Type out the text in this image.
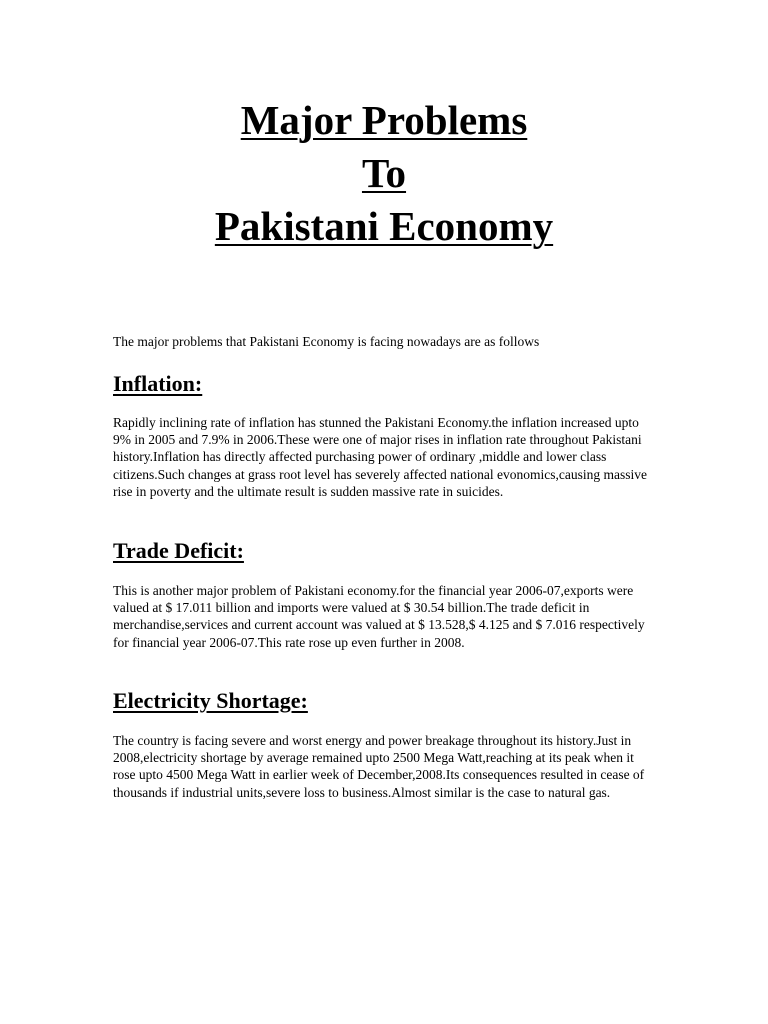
Major Problems
To
Pakistani Economy

The major problems that Pakistani Economy is facing nowadays are as follows

Inflation:

Rapidly inclining rate of inflation has stunned the Pakistani Economy.the inflation increased upto 9% in 2005 and 7.9% in 2006.These were one of major rises in inflation rate throughout Pakistani history.Inflation has directly affected purchasing power of ordinary ,middle and lower class citizens.Such changes at grass root level has severely affected national evonomics,causing massive rise in poverty and the ultimate result is sudden massive rate in suicides.

Trade Deficit:

This is another major problem of Pakistani economy.for the financial year 2006-07,exports were valued at $ 17.011 billion and imports were valued at $ 30.54 billion.The trade deficit in merchandise,services and current account was valued at $ 13.528,$ 4.125 and $ 7.016 respectively for financial year 2006-07.This rate rose up even further in 2008.

Electricity Shortage:

The country is facing severe and worst energy and power breakage throughout its history.Just in 2008,electricity shortage by average remained upto 2500 Mega Watt,reaching at its peak when it rose upto 4500 Mega Watt in earlier week of December,2008.Its consequences resulted in cease of thousands if industrial units,severe loss to business.Almost similar is the case to natural gas.
